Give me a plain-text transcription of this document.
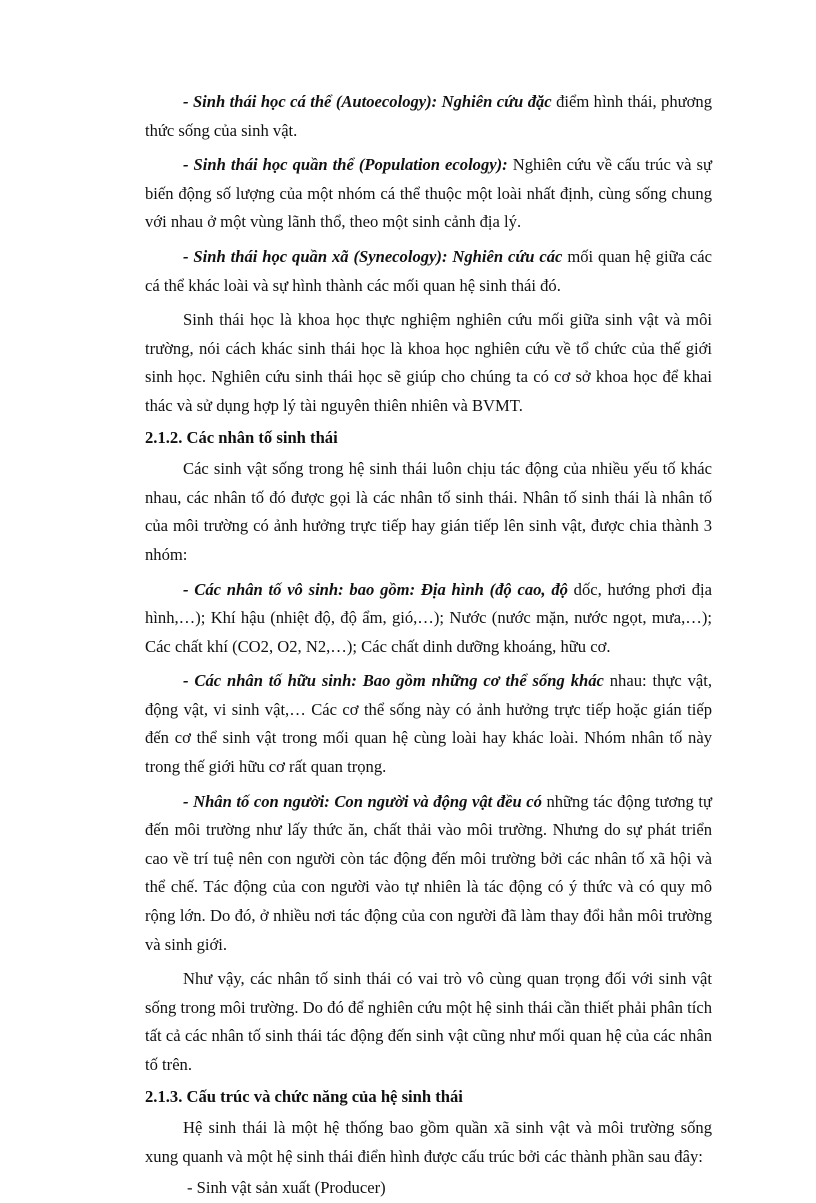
- Sinh thái học cá thể (Autoecology): Nghiên cứu đặc điểm hình thái, phương thức sống của sinh vật.

- Sinh thái học quần thể (Population ecology): Nghiên cứu về cấu trúc và sự biến động số lượng của một nhóm cá thể thuộc một loài nhất định, cùng sống chung với nhau ở một vùng lãnh thổ, theo một sinh cảnh địa lý.

- Sinh thái học quần xã (Synecology): Nghiên cứu các mối quan hệ giữa các cá thể khác loài và sự hình thành các mối quan hệ sinh thái đó.

Sinh thái học là khoa học thực nghiệm nghiên cứu mối giữa sinh vật và môi trường, nói cách khác sinh thái học là khoa học nghiên cứu về tổ chức của thế giới sinh học. Nghiên cứu sinh thái học sẽ giúp cho chúng ta có cơ sở khoa học để khai thác và sử dụng hợp lý tài nguyên thiên nhiên và BVMT.

2.1.2. Các nhân tố sinh thái

Các sinh vật sống trong hệ sinh thái luôn chịu tác động của nhiều yếu tố khác nhau, các nhân tố đó được gọi là các nhân tố sinh thái. Nhân tố sinh thái là nhân tố của môi trường có ảnh hưởng trực tiếp hay gián tiếp lên sinh vật, được chia thành 3 nhóm:

- Các nhân tố vô sinh: bao gồm: Địa hình (độ cao, độ dốc, hướng phơi địa hình,…); Khí hậu (nhiệt độ, độ ẩm, gió,…); Nước (nước mặn, nước ngọt, mưa,…); Các chất khí (CO2, O2, N2,…); Các chất dinh dưỡng khoáng, hữu cơ.

- Các nhân tố hữu sinh: Bao gồm những cơ thể sống khác nhau: thực vật, động vật, vi sinh vật,… Các cơ thể sống này có ảnh hưởng trực tiếp hoặc gián tiếp đến cơ thể sinh vật trong mối quan hệ cùng loài hay khác loài. Nhóm nhân tố này trong thế giới hữu cơ rất quan trọng.

- Nhân tố con người: Con người và động vật đều có những tác động tương tự đến môi trường như lấy thức ăn, chất thải vào môi trường. Nhưng do sự phát triển cao về trí tuệ nên con người còn tác động đến môi trường bởi các nhân tố xã hội và thể chế. Tác động của con người vào tự nhiên là tác động có ý thức và có quy mô rộng lớn. Do đó, ở nhiều nơi tác động của con người đã làm thay đổi hẳn môi trường và sinh giới.

Như vậy, các nhân tố sinh thái có vai trò vô cùng quan trọng đối với sinh vật sống trong môi trường. Do đó để nghiên cứu một hệ sinh thái cần thiết phải phân tích tất cả các nhân tố sinh thái tác động đến sinh vật cũng như mối quan hệ của các nhân tố trên.

2.1.3. Cấu trúc và chức năng của hệ sinh thái

Hệ sinh thái là một hệ thống bao gồm quần xã sinh vật và môi trường sống xung quanh và một hệ sinh thái điển hình được cấu trúc bởi các thành phần sau đây:

- Sinh vật sản xuất (Producer)
